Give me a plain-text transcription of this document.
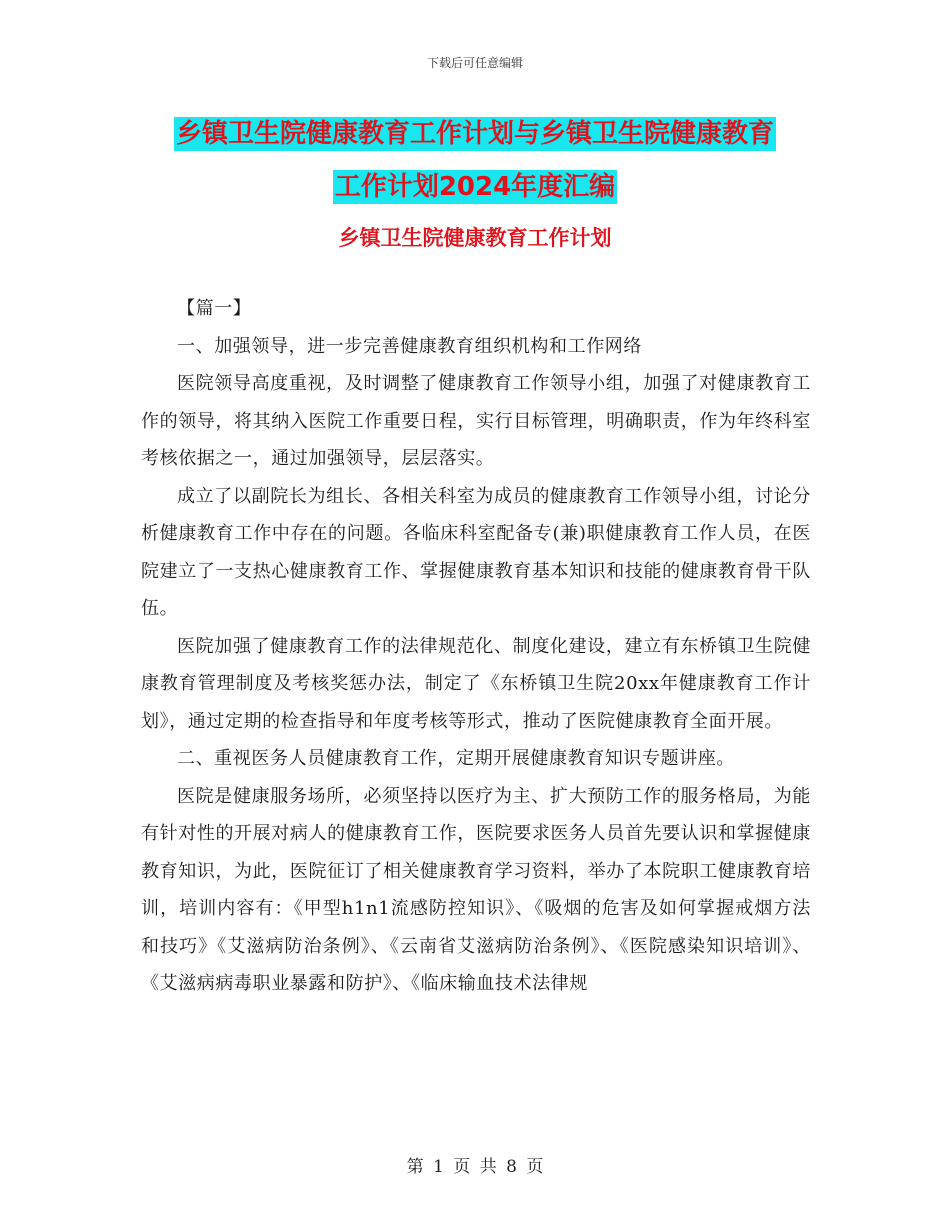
下载后可任意编辑
乡镇卫生院健康教育工作计划与乡镇卫生院健康教育
工作计划2024年度汇编
乡镇卫生院健康教育工作计划

【篇一】

一、加强领导，进一步完善健康教育组织机构和工作网络

医院领导高度重视，及时调整了健康教育工作领导小组，加强了对健康教育工作的领导，将其纳入医院工作重要日程，实行目标管理，明确职责，作为年终科室考核依据之一，通过加强领导，层层落实。

成立了以副院长为组长、各相关科室为成员的健康教育工作领导小组，讨论分析健康教育工作中存在的问题。各临床科室配备专(兼)职健康教育工作人员，在医院建立了一支热心健康教育工作、掌握健康教育基本知识和技能的健康教育骨干队伍。

医院加强了健康教育工作的法律规范化、制度化建设，建立有东桥镇卫生院健康教育管理制度及考核奖惩办法，制定了《东桥镇卫生院20xx年健康教育工作计划》，通过定期的检查指导和年度考核等形式，推动了医院健康教育全面开展。

二、重视医务人员健康教育工作，定期开展健康教育知识专题讲座。

医院是健康服务场所，必须坚持以医疗为主、扩大预防工作的服务格局，为能有针对性的开展对病人的健康教育工作，医院要求医务人员首先要认识和掌握健康教育知识，为此，医院征订了相关健康教育学习资料，举办了本院职工健康教育培训，培训内容有：《甲型h1n1流感防控知识》、《吸烟的危害及如何掌握戒烟方法和技巧》《艾滋病防治条例》、《云南省艾滋病防治条例》、《医院感染知识培训》、《艾滋病病毒职业暴露和防护》、《临床输血技术法律规

第 1 页 共 8 页
